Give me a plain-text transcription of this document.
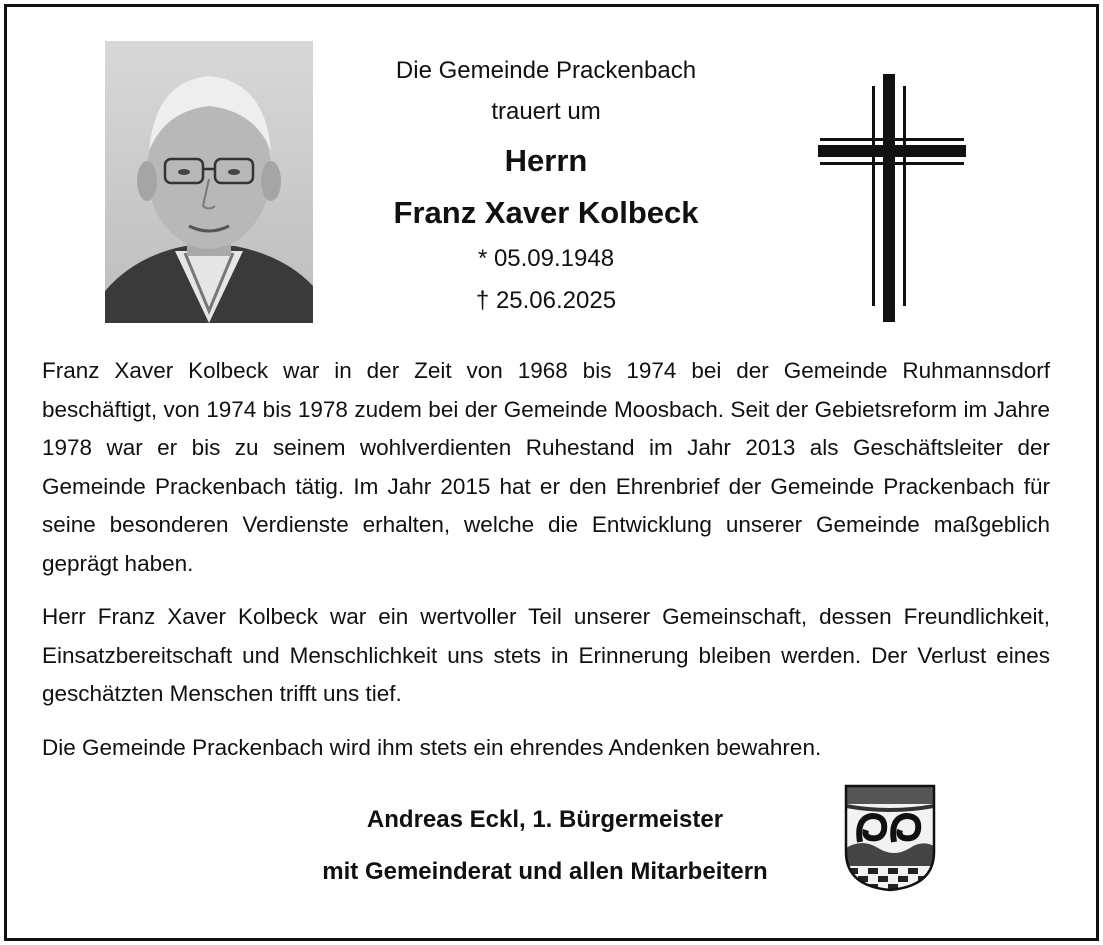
Die Gemeinde Prackenbach
trauert um
Herrn
Franz Xaver Kolbeck
* 05.09.1948
† 25.06.2025

Franz Xaver Kolbeck war in der Zeit von 1968 bis 1974 bei der Gemeinde Ruhmannsdorf beschäftigt, von 1974 bis 1978 zudem bei der Gemeinde Moosbach. Seit der Gebietsreform im Jahre 1978 war er bis zu seinem wohlverdienten Ruhestand im Jahr 2013 als Geschäftsleiter der Gemeinde Prackenbach tätig. Im Jahr 2015 hat er den Ehrenbrief der Gemeinde Prackenbach für seine besonderen Verdienste erhalten, welche die Entwicklung unserer Gemeinde maßgeblich geprägt haben.

Herr Franz Xaver Kolbeck war ein wertvoller Teil unserer Gemeinschaft, dessen Freundlichkeit, Einsatzbereitschaft und Menschlichkeit uns stets in Erinnerung bleiben werden. Der Verlust eines geschätzten Menschen trifft uns tief.

Die Gemeinde Prackenbach wird ihm stets ein ehrendes Andenken bewahren.

Andreas Eckl, 1. Bürgermeister
mit Gemeinderat und allen Mitarbeitern
